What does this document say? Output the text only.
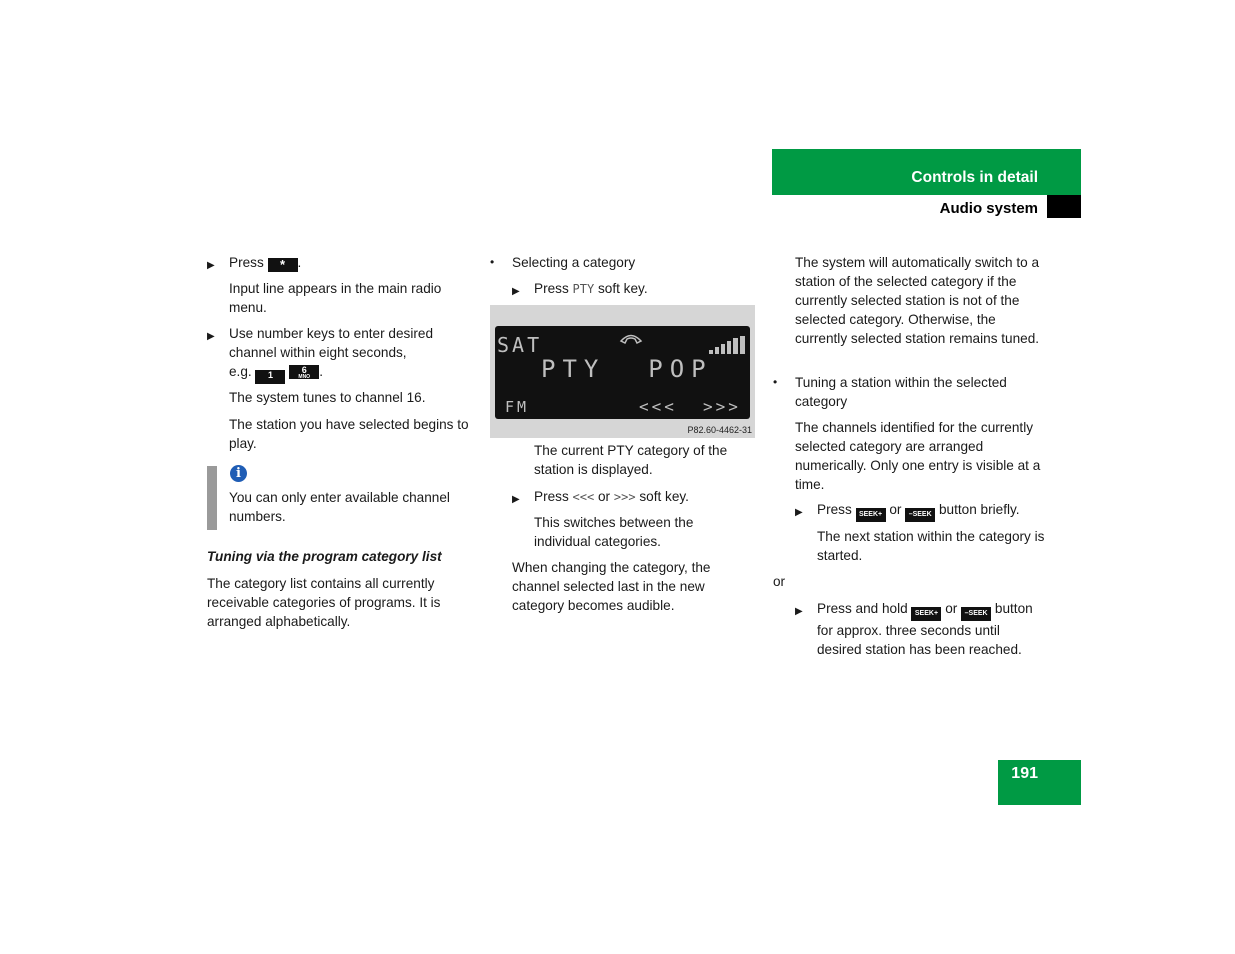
Controls in detail
Audio system
▶ Press * .

Input line appears in the main radio menu.

▶ Use number keys to enter desired channel within eight seconds,

e.g.	1
	6
MNO .

The system tunes to channel 16.

The station you have selected begins to play.

i

You can only enter available channel numbers.

Tuning via the program category list

The category list contains all currently receivable categories of programs. It is arranged alphabetically.

• Selecting a category

▶ Press PTY soft key.
SAT
PTY  POP
FM	<<< >>>
P82.60-4462-31

The current PTY category of the station is displayed.

▶ Press <<< or >>> soft key.

This switches between the individual categories.

When changing the category, the channel selected last in the new category becomes audible.

The system will automatically switch to a station of the selected category if the currently selected station is not of the selected category. Otherwise, the currently selected station remains tuned.

• Tuning a station within the selected category

The channels identified for the currently selected category are arranged numerically. Only one entry is visible at a time.

▶ Press SEEK+ or –SEEK button briefly.

The next station within the category is started.

or

▶ Press and hold SEEK+ or –SEEK button for approx. three seconds until desired station has been reached.
191
